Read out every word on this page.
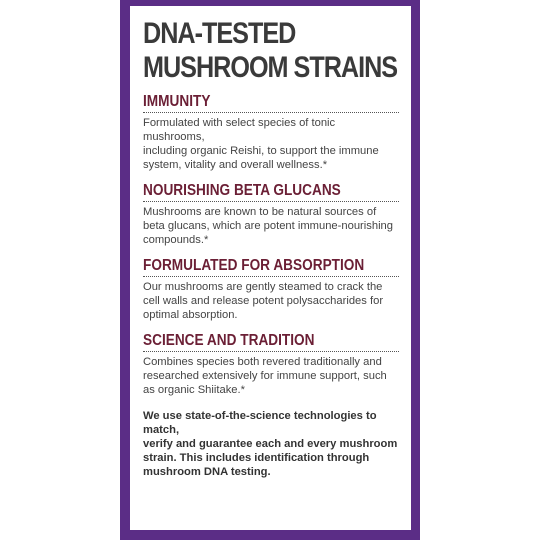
DNA-TESTED
MUSHROOM STRAINS
IMMUNITY

Formulated with select species of tonic mushrooms,
including organic Reishi, to support the immune
system, vitality and overall wellness.*

NOURISHING BETA GLUCANS

Mushrooms are known to be natural sources of
beta glucans, which are potent immune-nourishing
compounds.*

FORMULATED FOR ABSORPTION

Our mushrooms are gently steamed to crack the
cell walls and release potent polysaccharides for
optimal absorption.

SCIENCE AND TRADITION

Combines species both revered traditionally and
researched extensively for immune support, such
as organic Shiitake.*

We use state-of-the-science technologies to match,
verify and guarantee each and every mushroom
strain. This includes identification through
mushroom DNA testing.
